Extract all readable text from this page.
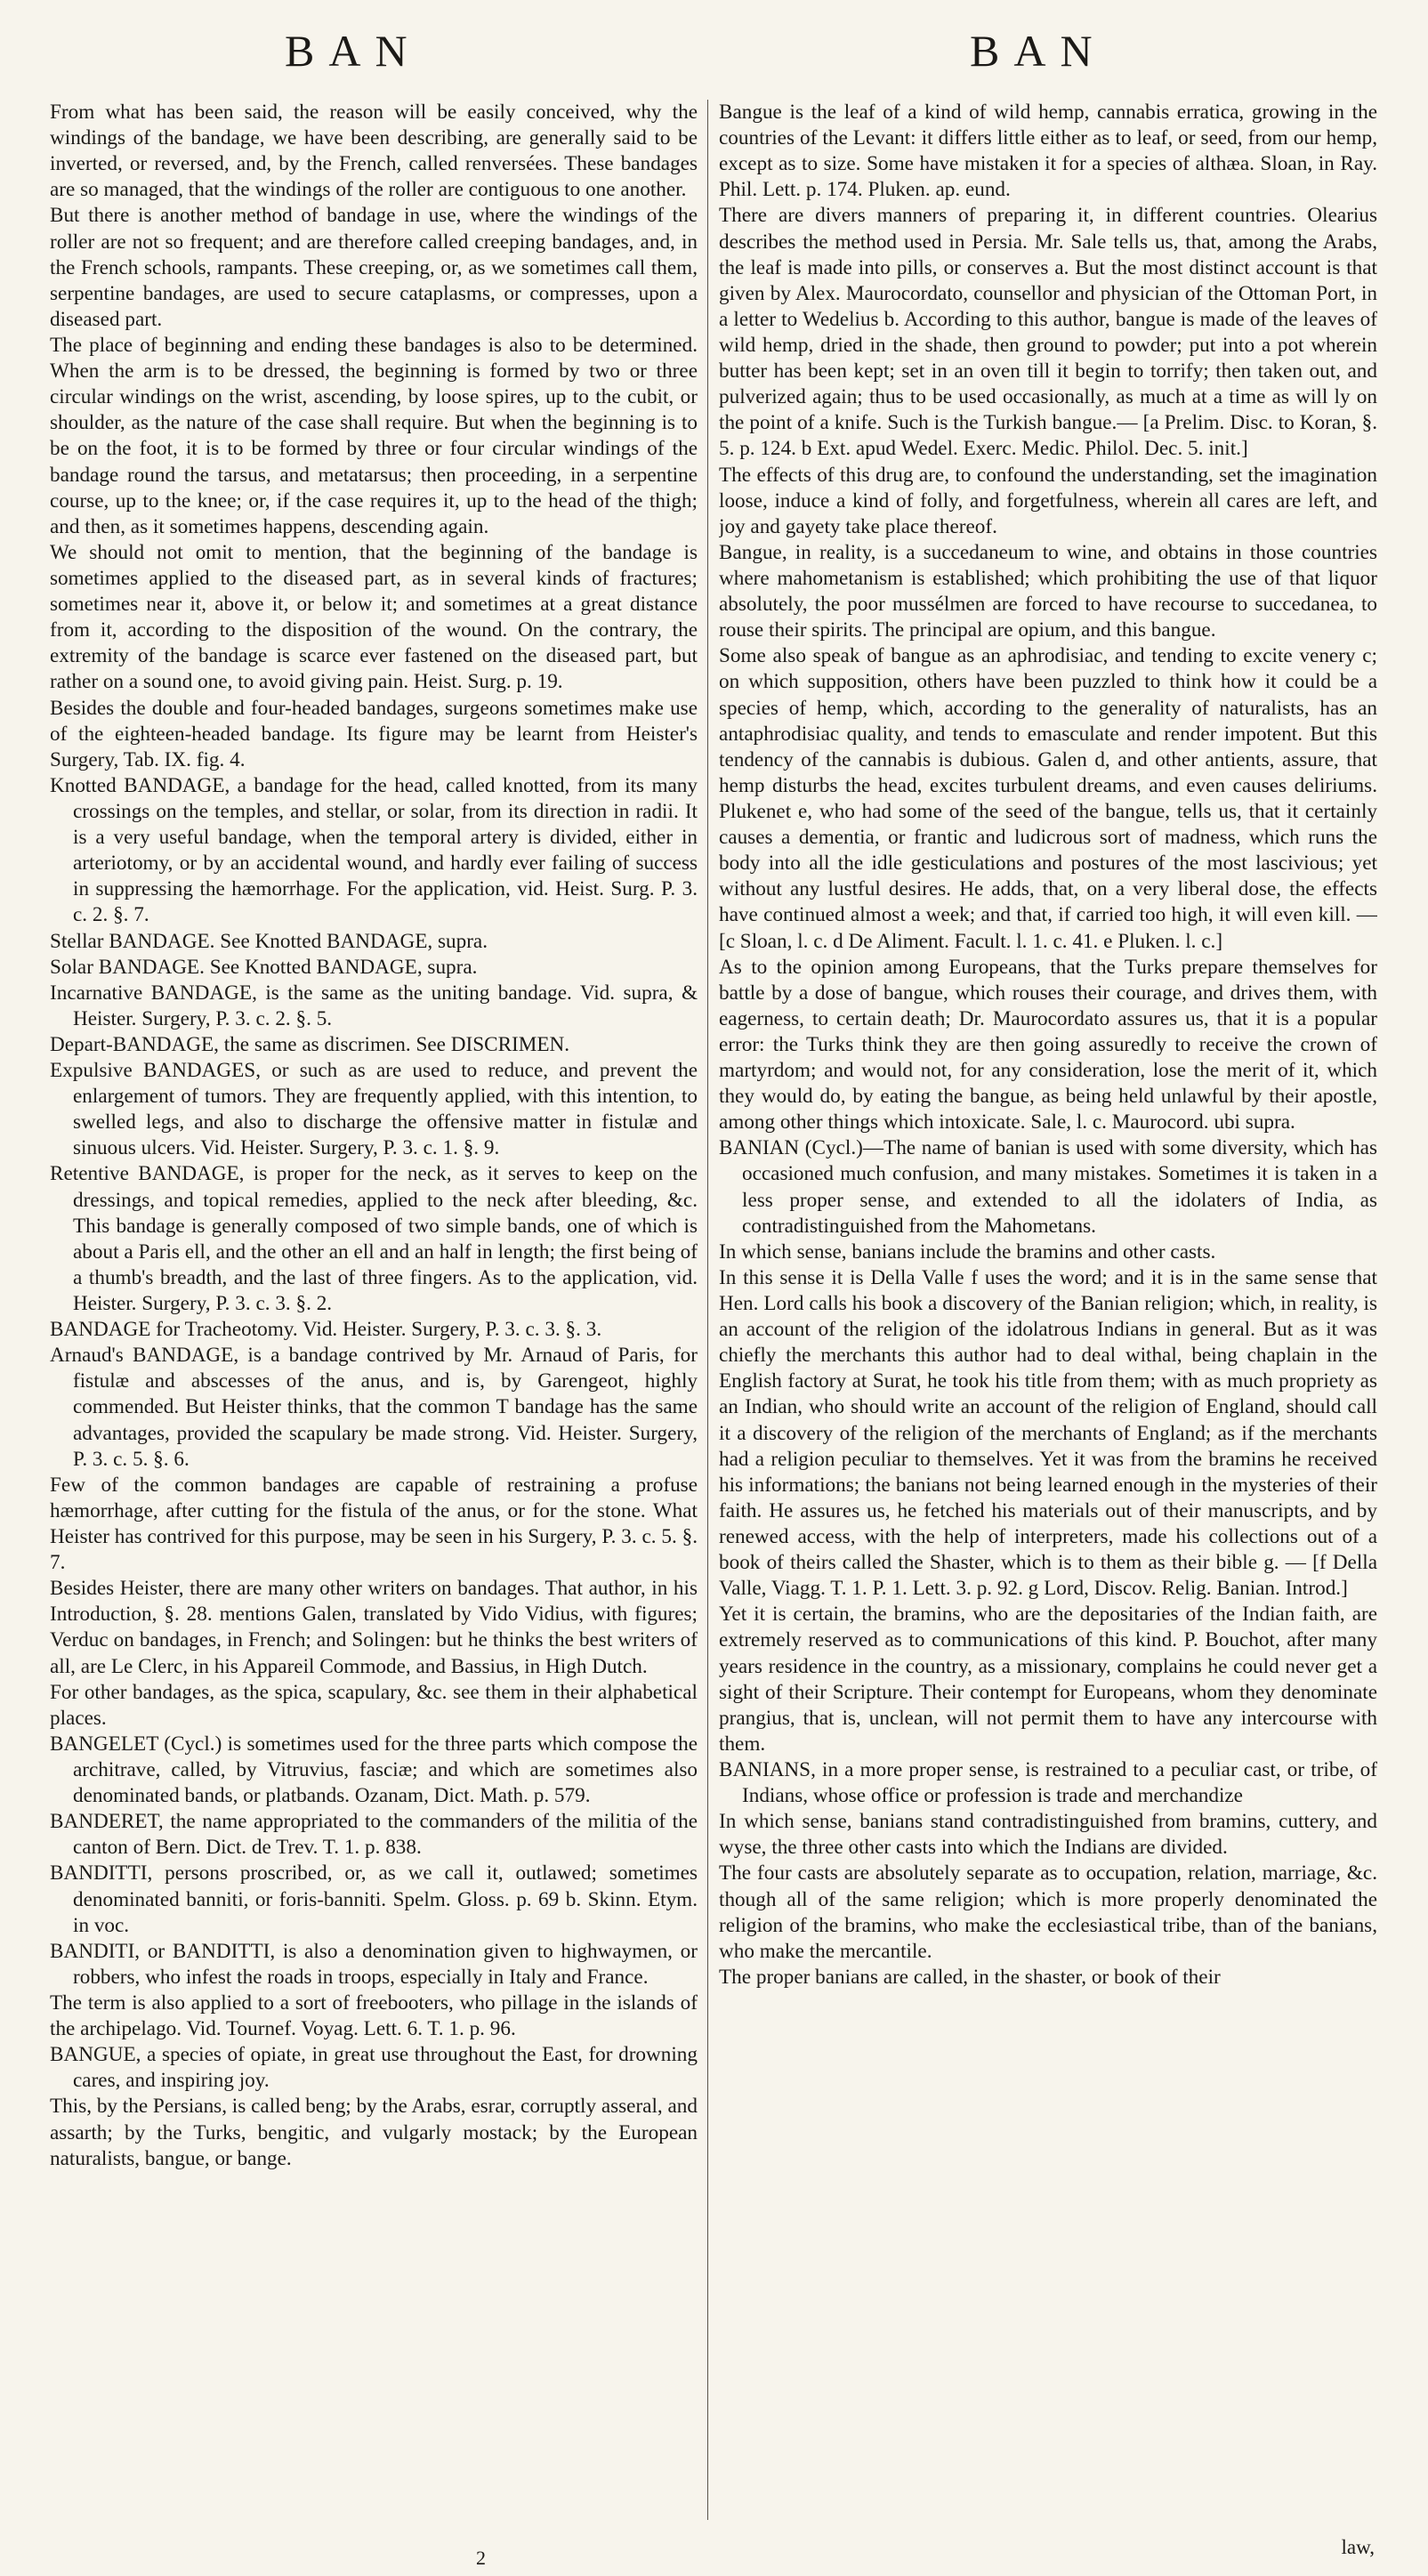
BAN	BAN

From what has been said, the reason will be easily conceived, why the windings of the bandage, we have been describing, are generally said to be inverted, or reversed, and, by the French, called renversées. These bandages are so managed, that the windings of the roller are contiguous to one another.

But there is another method of bandage in use, where the windings of the roller are not so frequent; and are therefore called creeping bandages, and, in the French schools, rampants. These creeping, or, as we sometimes call them, serpentine bandages, are used to secure cataplasms, or compresses, upon a diseased part.

The place of beginning and ending these bandages is also to be determined. When the arm is to be dressed, the beginning is formed by two or three circular windings on the wrist, ascending, by loose spires, up to the cubit, or shoulder, as the nature of the case shall require. But when the beginning is to be on the foot, it is to be formed by three or four circular windings of the bandage round the tarsus, and metatarsus; then proceeding, in a serpentine course, up to the knee; or, if the case requires it, up to the head of the thigh; and then, as it sometimes happens, descending again.

We should not omit to mention, that the beginning of the bandage is sometimes applied to the diseased part, as in several kinds of fractures; sometimes near it, above it, or below it; and sometimes at a great distance from it, according to the disposition of the wound. On the contrary, the extremity of the bandage is scarce ever fastened on the diseased part, but rather on a sound one, to avoid giving pain. Heist. Surg. p. 19.

Besides the double and four-headed bandages, surgeons sometimes make use of the eighteen-headed bandage. Its figure may be learnt from Heister's Surgery, Tab. IX. fig. 4.

Knotted BANDAGE, a bandage for the head, called knotted, from its many crossings on the temples, and stellar, or solar, from its direction in radii. It is a very useful bandage, when the temporal artery is divided, either in arteriotomy, or by an accidental wound, and hardly ever failing of success in suppressing the hæmorrhage. For the application, vid. Heist. Surg. P. 3. c. 2. §. 7.

Stellar BANDAGE. See Knotted BANDAGE, supra.

Solar BANDAGE. See Knotted BANDAGE, supra.

Incarnative BANDAGE, is the same as the uniting bandage. Vid. supra, & Heister. Surgery, P. 3. c. 2. §. 5.

Depart-BANDAGE, the same as discrimen. See DISCRIMEN.

Expulsive BANDAGES, or such as are used to reduce, and prevent the enlargement of tumors. They are frequently applied, with this intention, to swelled legs, and also to discharge the offensive matter in fistulæ and sinuous ulcers. Vid. Heister. Surgery, P. 3. c. 1. §. 9.

Retentive BANDAGE, is proper for the neck, as it serves to keep on the dressings, and topical remedies, applied to the neck after bleeding, &c. This bandage is generally composed of two simple bands, one of which is about a Paris ell, and the other an ell and an half in length; the first being of a thumb's breadth, and the last of three fingers. As to the application, vid. Heister. Surgery, P. 3. c. 3. §. 2.

BANDAGE for Tracheotomy. Vid. Heister. Surgery, P. 3. c. 3. §. 3.

Arnaud's BANDAGE, is a bandage contrived by Mr. Arnaud of Paris, for fistulæ and abscesses of the anus, and is, by Garengeot, highly commended. But Heister thinks, that the common T bandage has the same advantages, provided the scapulary be made strong. Vid. Heister. Surgery, P. 3. c. 5. §. 6.

Few of the common bandages are capable of restraining a profuse hæmorrhage, after cutting for the fistula of the anus, or for the stone. What Heister has contrived for this purpose, may be seen in his Surgery, P. 3. c. 5. §. 7.

Besides Heister, there are many other writers on bandages. That author, in his Introduction, §. 28. mentions Galen, translated by Vido Vidius, with figures; Verduc on bandages, in French; and Solingen: but he thinks the best writers of all, are Le Clerc, in his Appareil Commode, and Bassius, in High Dutch.

For other bandages, as the spica, scapulary, &c. see them in their alphabetical places.

BANGELET (Cycl.) is sometimes used for the three parts which compose the architrave, called, by Vitruvius, fasciæ; and which are sometimes also denominated bands, or platbands. Ozanam, Dict. Math. p. 579.

BANDERET, the name appropriated to the commanders of the militia of the canton of Bern. Dict. de Trev. T. 1. p. 838.

BANDITTI, persons proscribed, or, as we call it, outlawed; sometimes denominated banniti, or foris-banniti. Spelm. Gloss. p. 69 b. Skinn. Etym. in voc.

BANDITI, or BANDITTI, is also a denomination given to highwaymen, or robbers, who infest the roads in troops, especially in Italy and France.

The term is also applied to a sort of freebooters, who pillage in the islands of the archipelago. Vid. Tournef. Voyag. Lett. 6. T. 1. p. 96.

BANGUE, a species of opiate, in great use throughout the East, for drowning cares, and inspiring joy.

This, by the Persians, is called beng; by the Arabs, esrar, corruptly asseral, and assarth; by the Turks, bengitic, and vulgarly mostack; by the European naturalists, bangue, or bange.

Bangue is the leaf of a kind of wild hemp, cannabis erratica, growing in the countries of the Levant: it differs little either as to leaf, or seed, from our hemp, except as to size. Some have mistaken it for a species of althæa. Sloan, in Ray. Phil. Lett. p. 174. Pluken. ap. eund.

There are divers manners of preparing it, in different countries. Olearius describes the method used in Persia. Mr. Sale tells us, that, among the Arabs, the leaf is made into pills, or conserves a. But the most distinct account is that given by Alex. Maurocordato, counsellor and physician of the Ottoman Port, in a letter to Wedelius b. According to this author, bangue is made of the leaves of wild hemp, dried in the shade, then ground to powder; put into a pot wherein butter has been kept; set in an oven till it begin to torrify; then taken out, and pulverized again; thus to be used occasionally, as much at a time as will ly on the point of a knife. Such is the Turkish bangue.— [a Prelim. Disc. to Koran, §. 5. p. 124. b Ext. apud Wedel. Exerc. Medic. Philol. Dec. 5. init.]

The effects of this drug are, to confound the understanding, set the imagination loose, induce a kind of folly, and forgetfulness, wherein all cares are left, and joy and gayety take place thereof.

Bangue, in reality, is a succedaneum to wine, and obtains in those countries where mahometanism is established; which prohibiting the use of that liquor absolutely, the poor mussélmen are forced to have recourse to succedanea, to rouse their spirits. The principal are opium, and this bangue.

Some also speak of bangue as an aphrodisiac, and tending to excite venery c; on which supposition, others have been puzzled to think how it could be a species of hemp, which, according to the generality of naturalists, has an antaphrodisiac quality, and tends to emasculate and render impotent. But this tendency of the cannabis is dubious. Galen d, and other antients, assure, that hemp disturbs the head, excites turbulent dreams, and even causes deliriums. Plukenet e, who had some of the seed of the bangue, tells us, that it certainly causes a dementia, or frantic and ludicrous sort of madness, which runs the body into all the idle gesticulations and postures of the most lascivious; yet without any lustful desires. He adds, that, on a very liberal dose, the effects have continued almost a week; and that, if carried too high, it will even kill. — [c Sloan, l. c. d De Aliment. Facult. l. 1. c. 41. e Pluken. l. c.]

As to the opinion among Europeans, that the Turks prepare themselves for battle by a dose of bangue, which rouses their courage, and drives them, with eagerness, to certain death; Dr. Maurocordato assures us, that it is a popular error: the Turks think they are then going assuredly to receive the crown of martyrdom; and would not, for any consideration, lose the merit of it, which they would do, by eating the bangue, as being held unlawful by their apostle, among other things which intoxicate. Sale, l. c. Maurocord. ubi supra.

BANIAN (Cycl.)—The name of banian is used with some diversity, which has occasioned much confusion, and many mistakes. Sometimes it is taken in a less proper sense, and extended to all the idolaters of India, as contradistinguished from the Mahometans.

In which sense, banians include the bramins and other casts.

In this sense it is Della Valle f uses the word; and it is in the same sense that Hen. Lord calls his book a discovery of the Banian religion; which, in reality, is an account of the religion of the idolatrous Indians in general. But as it was chiefly the merchants this author had to deal withal, being chaplain in the English factory at Surat, he took his title from them; with as much propriety as an Indian, who should write an account of the religion of England, should call it a discovery of the religion of the merchants of England; as if the merchants had a religion peculiar to themselves. Yet it was from the bramins he received his informations; the banians not being learned enough in the mysteries of their faith. He assures us, he fetched his materials out of their manuscripts, and by renewed access, with the help of interpreters, made his collections out of a book of theirs called the Shaster, which is to them as their bible g. — [f Della Valle, Viagg. T. 1. P. 1. Lett. 3. p. 92. g Lord, Discov. Relig. Banian. Introd.]

Yet it is certain, the bramins, who are the depositaries of the Indian faith, are extremely reserved as to communications of this kind. P. Bouchot, after many years residence in the country, as a missionary, complains he could never get a sight of their Scripture. Their contempt for Europeans, whom they denominate prangius, that is, unclean, will not permit them to have any intercourse with them.

BANIANS, in a more proper sense, is restrained to a peculiar cast, or tribe, of Indians, whose office or profession is trade and merchandize

In which sense, banians stand contradistinguished from bramins, cuttery, and wyse, the three other casts into which the Indians are divided.

The four casts are absolutely separate as to occupation, relation, marriage, &c. though all of the same religion; which is more properly denominated the religion of the bramins, who make the ecclesiastical tribe, than of the banians, who make the mercantile.

The proper banians are called, in the shaster, or book of their

2	law,
